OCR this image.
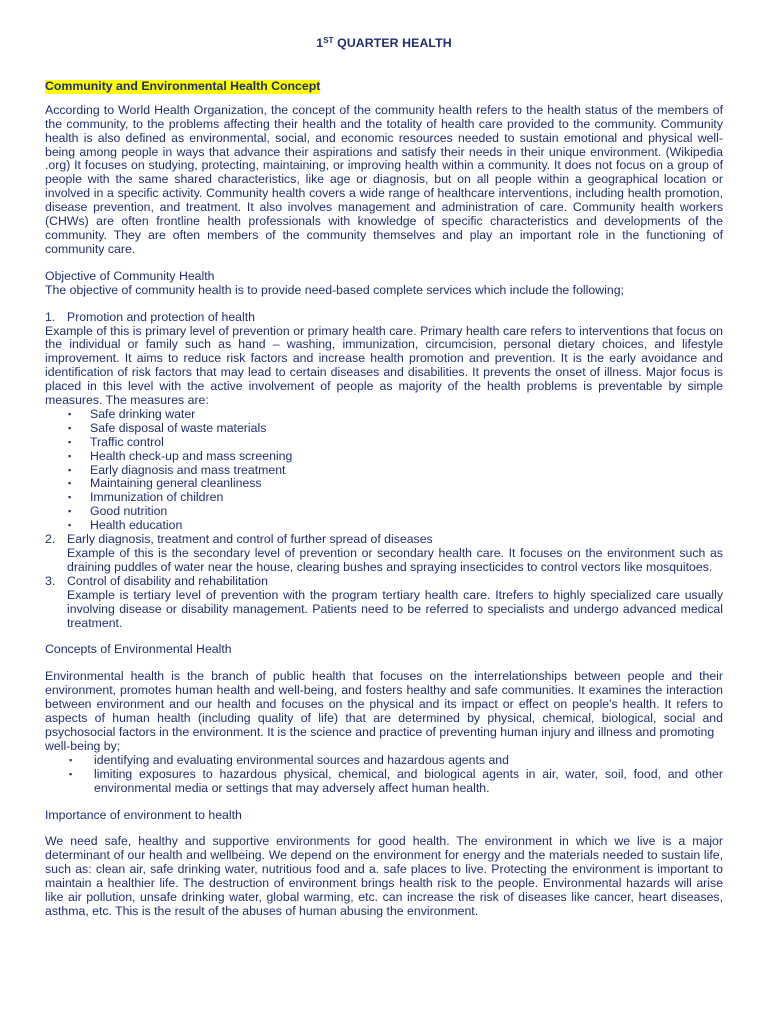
1ST QUARTER HEALTH
Community and Environmental Health Concept

According to World Health Organization, the concept of the community health refers to the health status of the members of the community, to the problems affecting their health and the totality of health care provided to the community. Community health is also defined as environmental, social, and economic resources needed to sustain emotional and physical well-being among people in ways that advance their aspirations and satisfy their needs in their unique environment. (Wikipedia .org) It focuses on studying, protecting, maintaining, or improving health within a community. It does not focus on a group of people with the same shared characteristics, like age or diagnosis, but on all people within a geographical location or involved in a specific activity. Community health covers a wide range of healthcare interventions, including health promotion, disease prevention, and treatment. It also involves management and administration of care. Community health workers (CHWs) are often frontline health professionals with knowledge of specific characteristics and developments of the community. They are often members of the community themselves and play an important role in the functioning of community care.

Objective of Community Health

The objective of community health is to provide need-based complete services which include the following;

1. Promotion and protection of health

Example of this is primary level of prevention or primary health care. Primary health care refers to interventions that focus on the individual or family such as hand – washing, immunization, circumcision, personal dietary choices, and lifestyle improvement. It aims to reduce risk factors and increase health promotion and prevention. It is the early avoidance and identification of risk factors that may lead to certain diseases and disabilities. It prevents the onset of illness. Major focus is placed in this level with the active involvement of people as majority of the health problems is preventable by simple measures. The measures are:

▪ Safe drinking water
▪ Safe disposal of waste materials
▪ Traffic control
▪ Health check-up and mass screening
▪ Early diagnosis and mass treatment
▪ Maintaining general cleanliness
▪ Immunization of children
▪ Good nutrition
▪ Health education
2. Early diagnosis, treatment and control of further spread of diseases

Example of this is the secondary level of prevention or secondary health care. It focuses on the environment such as draining puddles of water near the house, clearing bushes and spraying insecticides to control vectors like mosquitoes.

3. Control of disability and rehabilitation

Example is tertiary level of prevention with the program tertiary health care. Itrefers to highly specialized care usually involving disease or disability management. Patients need to be referred to specialists and undergo advanced medical treatment.

Concepts of Environmental Health

Environmental health is the branch of public health that focuses on the interrelationships between people and their environment, promotes human health and well-being, and fosters healthy and safe communities. It examines the interaction between environment and our health and focuses on the physical and its impact or effect on people's health. It refers to aspects of human health (including quality of life) that are determined by physical, chemical, biological, social and psychosocial factors in the environment. It is the science and practice of preventing human injury and illness and promoting

well-being by;

▪ identifying and evaluating environmental sources and hazardous agents and
▪ limiting exposures to hazardous physical, chemical, and biological agents in air, water, soil, food, and other environmental media or settings that may adversely affect human health.

Importance of environment to health

We need safe, healthy and supportive environments for good health. The environment in which we live is a major determinant of our health and wellbeing. We depend on the environment for energy and the materials needed to sustain life, such as: clean air, safe drinking water, nutritious food and a. safe places to live. Protecting the environment is important to maintain a healthier life. The destruction of environment brings health risk to the people. Environmental hazards will arise like air pollution, unsafe drinking water, global warming, etc. can increase the risk of diseases like cancer, heart diseases, asthma, etc. This is the result of the abuses of human abusing the environment.
